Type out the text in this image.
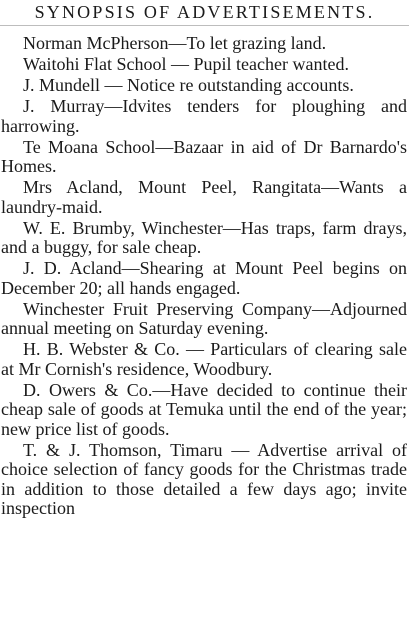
SYNOPSIS OF ADVERTISEMENTS.

Norman McPherson—To let grazing land.

Waitohi Flat School — Pupil teacher wanted.

J. Mundell — Notice re outstanding accounts.

J. Murray—Idvites tenders for ploughing and harrowing.

Te Moana School—Bazaar in aid of Dr Barnardo's Homes.

Mrs Acland, Mount Peel, Rangitata—Wants a laundry-maid.

W. E. Brumby, Winchester—Has traps, farm drays, and a buggy, for sale cheap.

J. D. Acland—Shearing at Mount Peel begins on December 20; all hands engaged.

Winchester Fruit Preserving Company—Adjourned annual meeting on Saturday evening.

H. B. Webster & Co. — Particulars of clearing sale at Mr Cornish's residence, Woodbury.

D. Owers & Co.—Have decided to continue their cheap sale of goods at Temuka until the end of the year; new price list of goods.

T. & J. Thomson, Timaru — Advertise arrival of choice selection of fancy goods for the Christmas trade in addition to those detailed a few days ago; invite inspection
